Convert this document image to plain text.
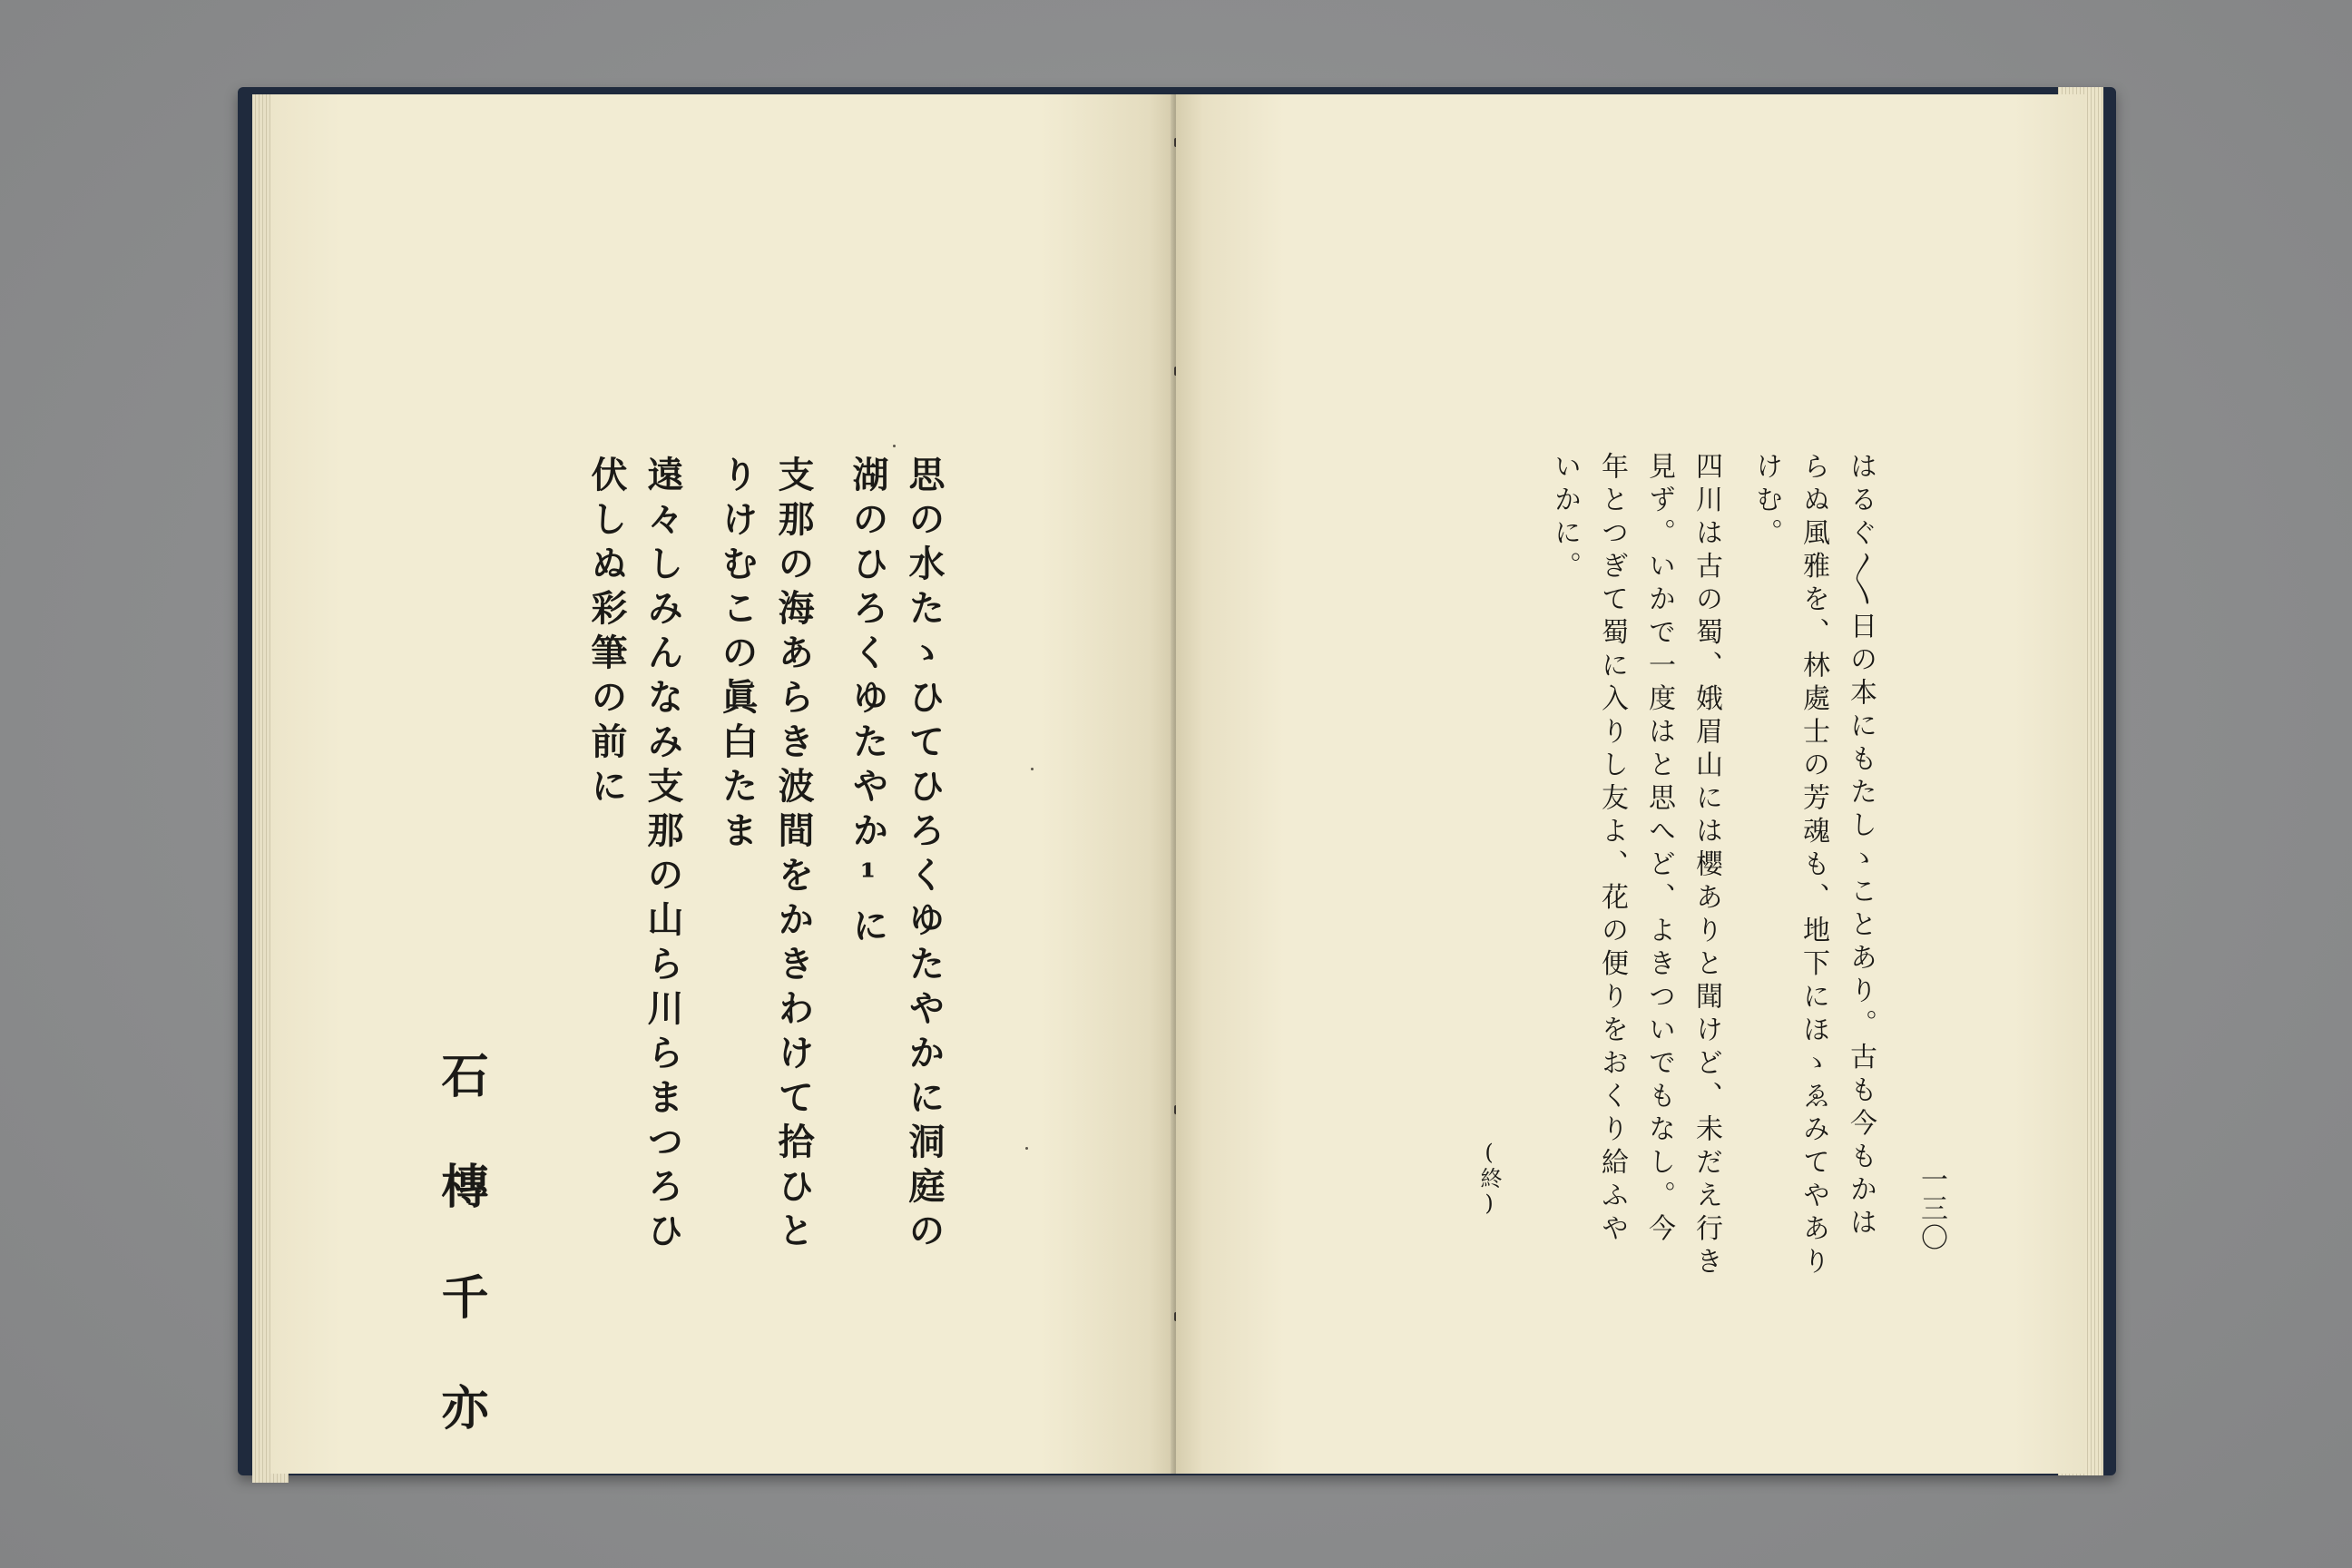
思の水たゝひてひろくゆたやかに洞庭の
湖のひろくゆたやか¹に
支那の海あらき波間をかきわけて拾ひと
りけむこの眞白たま
遠々しみんなみ支那の山ら川らまつろひ
伏しぬ彩筆の前に
石槫千亦	一三〇
はるぐ〳〵日の本にもたしゝことあり。古も今もかは
らぬ風雅を、林處士の芳魂も、地下にほゝゑみてやあり
けむ。
四川は古の蜀、娥眉山には櫻ありと聞けど、未だえ行き
見ず。いかで一度はと思へど、よきついでもなし。今
年とつぎて蜀に入りし友よ、花の便りをおくり給ふや
いかに。
(終)
